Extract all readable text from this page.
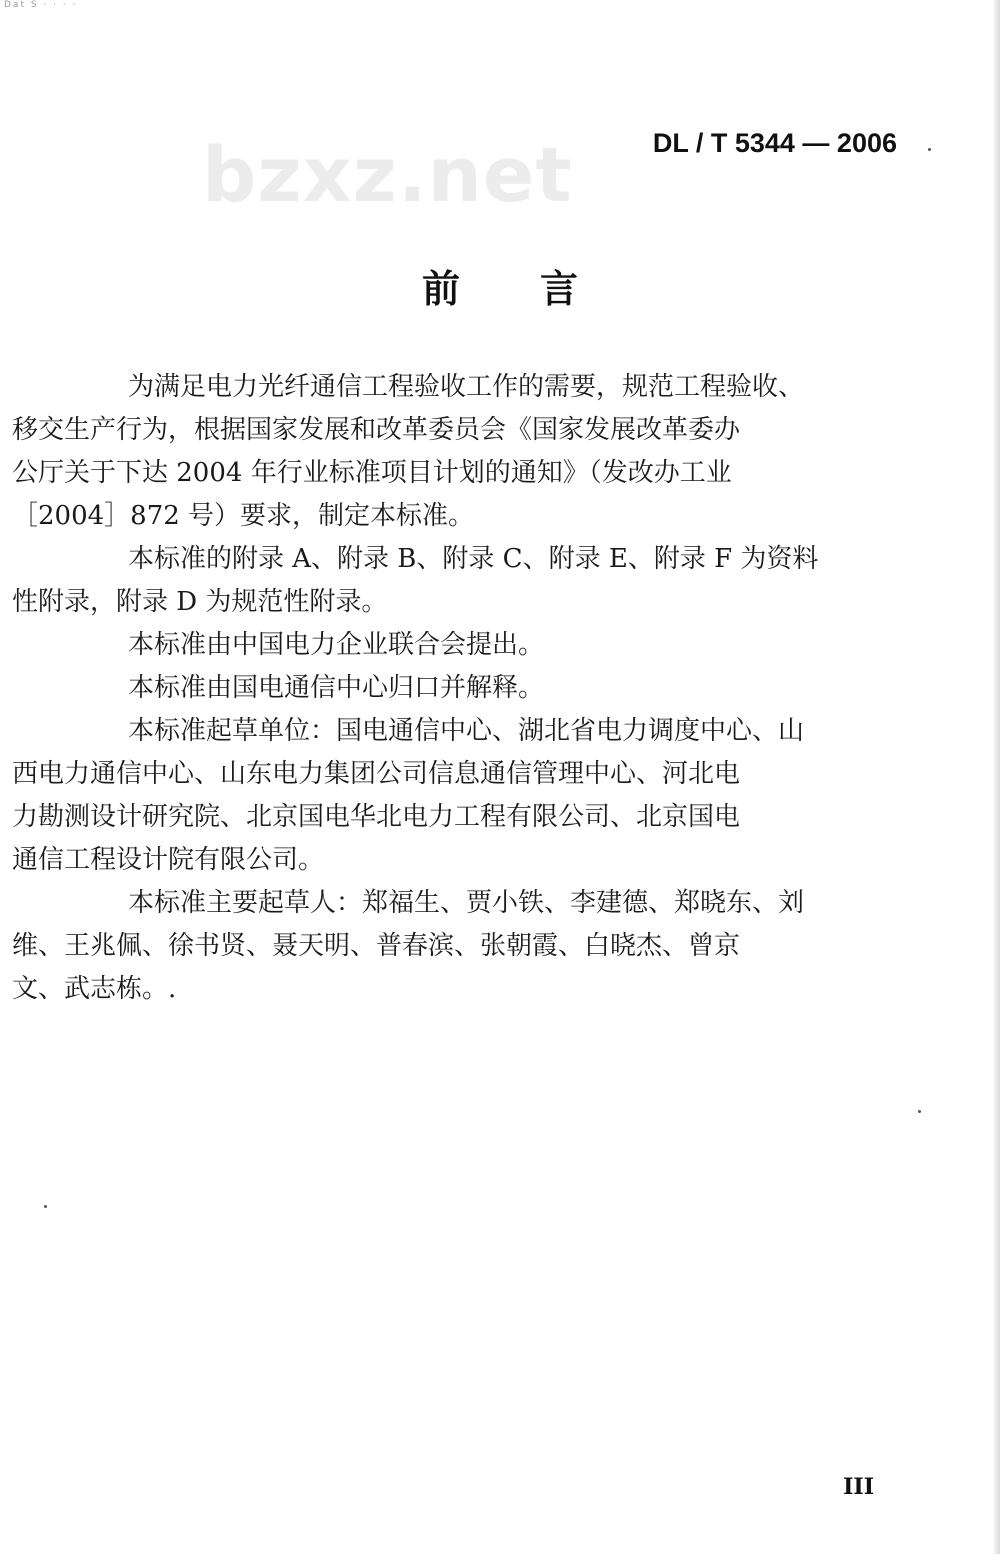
Dat S · · · ·
bzxz.net	DL / T 5344 — 2006
前言

为满足电力光纤通信工程验收工作的需要，规范工程验收、

移交生产行为，根据国家发展和改革委员会《国家发展改革委办

公厅关于下达 2004 年行业标准项目计划的通知》（发改办工业

［2004］872 号）要求，制定本标准。

本标准的附录 A、附录 B、附录 C、附录 E、附录 F 为资料

性附录，附录 D 为规范性附录。

本标准由中国电力企业联合会提出。

本标准由国电通信中心归口并解释。

本标准起草单位：国电通信中心、湖北省电力调度中心、山

西电力通信中心、山东电力集团公司信息通信管理中心、河北电

力勘测设计研究院、北京国电华北电力工程有限公司、北京国电

通信工程设计院有限公司。

本标准主要起草人：郑福生、贾小铁、李建德、郑晓东、刘

维、王兆佩、徐书贤、聂天明、普春滨、张朝霞、白晓杰、曾京

文、武志栋。.

III
